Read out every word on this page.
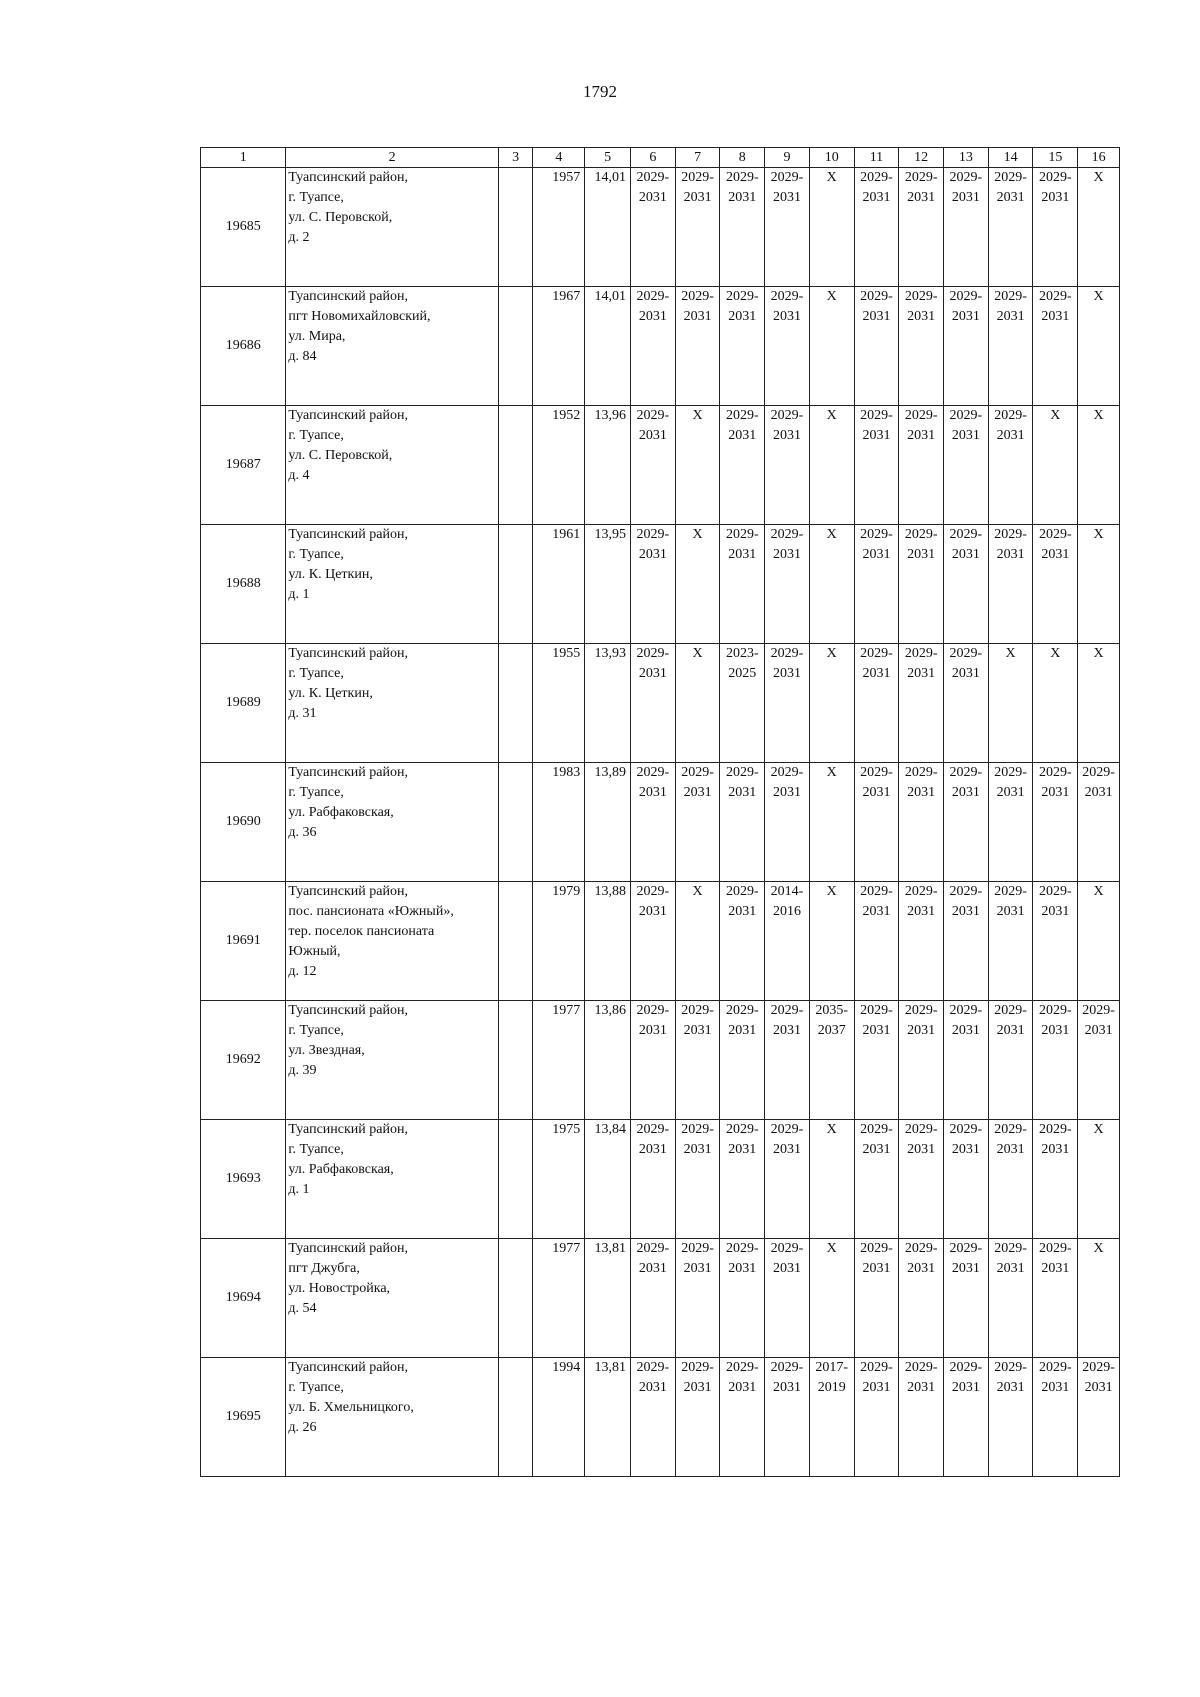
1792
1	2	3	4	5	6	7	8	9	10	11	12	13	14	15	16
19685	Туапсинский район,
г. Туапсе,
ул. С. Перовской,
д. 2		1957	14,01	2029-
2031	2029-
2031	2029-
2031	2029-
2031	X	2029-
2031	2029-
2031	2029-
2031	2029-
2031	2029-
2031	X
19686	Туапсинский район,
пгт Новомихайловский,
ул. Мира,
д. 84		1967	14,01	2029-
2031	2029-
2031	2029-
2031	2029-
2031	X	2029-
2031	2029-
2031	2029-
2031	2029-
2031	2029-
2031	X
19687	Туапсинский район,
г. Туапсе,
ул. С. Перовской,
д. 4		1952	13,96	2029-
2031	X	2029-
2031	2029-
2031	X	2029-
2031	2029-
2031	2029-
2031	2029-
2031	X	X
19688	Туапсинский район,
г. Туапсе,
ул. К. Цеткин,
д. 1		1961	13,95	2029-
2031	X	2029-
2031	2029-
2031	X	2029-
2031	2029-
2031	2029-
2031	2029-
2031	2029-
2031	X
19689	Туапсинский район,
г. Туапсе,
ул. К. Цеткин,
д. 31		1955	13,93	2029-
2031	X	2023-
2025	2029-
2031	X	2029-
2031	2029-
2031	2029-
2031	X	X	X
19690	Туапсинский район,
г. Туапсе,
ул. Рабфаковская,
д. 36		1983	13,89	2029-
2031	2029-
2031	2029-
2031	2029-
2031	X	2029-
2031	2029-
2031	2029-
2031	2029-
2031	2029-
2031	2029-
2031
19691	Туапсинский район,
пос. пансионата «Южный»,
тер. поселок пансионата
Южный,
д. 12		1979	13,88	2029-
2031	X	2029-
2031	2014-
2016	X	2029-
2031	2029-
2031	2029-
2031	2029-
2031	2029-
2031	X
19692	Туапсинский район,
г. Туапсе,
ул. Звездная,
д. 39		1977	13,86	2029-
2031	2029-
2031	2029-
2031	2029-
2031	2035-
2037	2029-
2031	2029-
2031	2029-
2031	2029-
2031	2029-
2031	2029-
2031
19693	Туапсинский район,
г. Туапсе,
ул. Рабфаковская,
д. 1		1975	13,84	2029-
2031	2029-
2031	2029-
2031	2029-
2031	X	2029-
2031	2029-
2031	2029-
2031	2029-
2031	2029-
2031	X
19694	Туапсинский район,
пгт Джубга,
ул. Новостройка,
д. 54		1977	13,81	2029-
2031	2029-
2031	2029-
2031	2029-
2031	X	2029-
2031	2029-
2031	2029-
2031	2029-
2031	2029-
2031	X
19695	Туапсинский район,
г. Туапсе,
ул. Б. Хмельницкого,
д. 26		1994	13,81	2029-
2031	2029-
2031	2029-
2031	2029-
2031	2017-
2019	2029-
2031	2029-
2031	2029-
2031	2029-
2031	2029-
2031	2029-
2031
